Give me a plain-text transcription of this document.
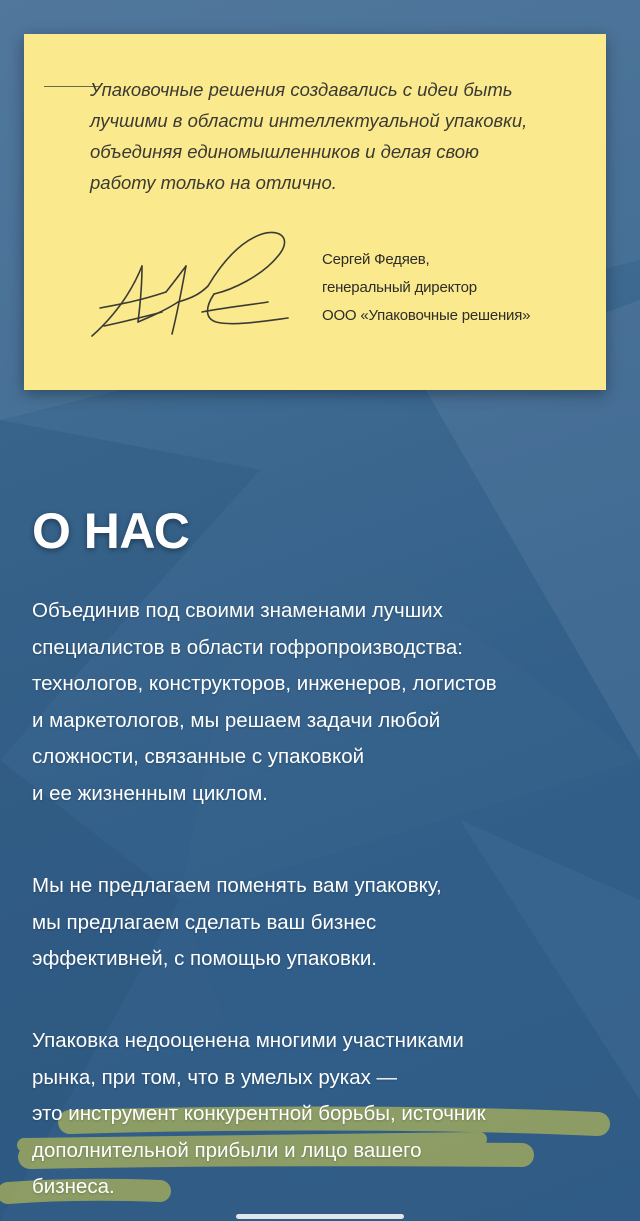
Упаковочные решения создавались с идеи быть
лучшими в области интеллектуальной упаковки,
объединяя единомышленников и делая свою
работу только на отлично.

Сергей Федяев,
генеральный директор
ООО «Упаковочные решения»
О НАС

Объединив под своими знаменами лучших
специалистов в области гофропроизводства:
технологов, конструкторов, инженеров, логистов
и маркетологов, мы решаем задачи любой
сложности, связанные с упаковкой
и ее жизненным циклом.

Мы не предлагаем поменять вам упаковку,
мы предлагаем сделать ваш бизнес
эффективней, с помощью упаковки.

Упаковка недооценена многими участниками
рынка, при том, что в умелых руках —
это инструмент конкурентной борьбы, источник
дополнительной прибыли и лицо вашего
бизнеса.
